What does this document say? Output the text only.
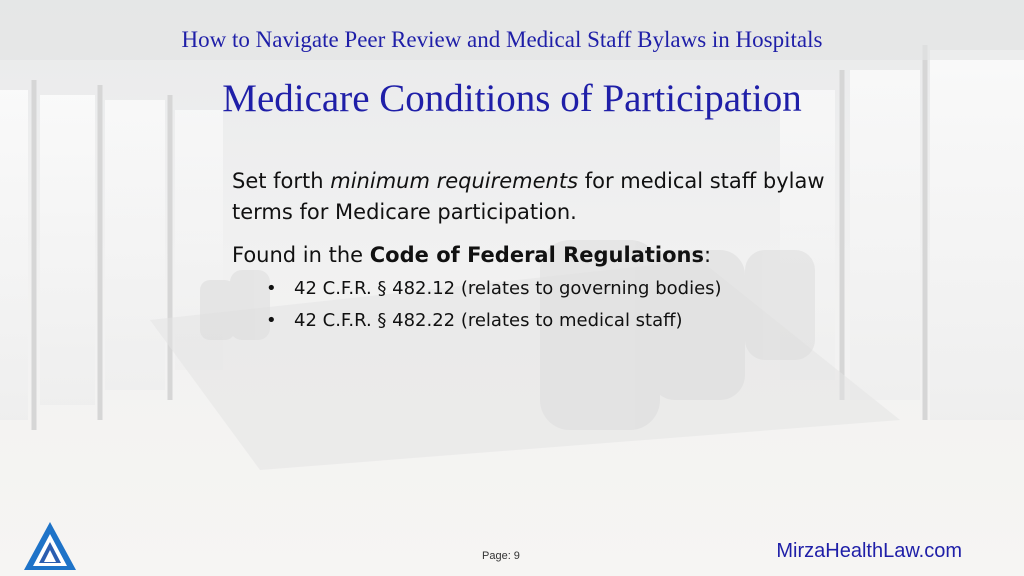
How to Navigate Peer Review and Medical Staff Bylaws in Hospitals
Medicare Conditions of Participation

Set forth minimum requirements for medical staff bylaw terms for Medicare participation.

Found in the Code of Federal Regulations:

• 42 C.F.R. § 482.12 (relates to governing bodies)
• 42 C.F.R. § 482.22 (relates to medical staff)
Page: 9	MirzaHealthLaw.com
